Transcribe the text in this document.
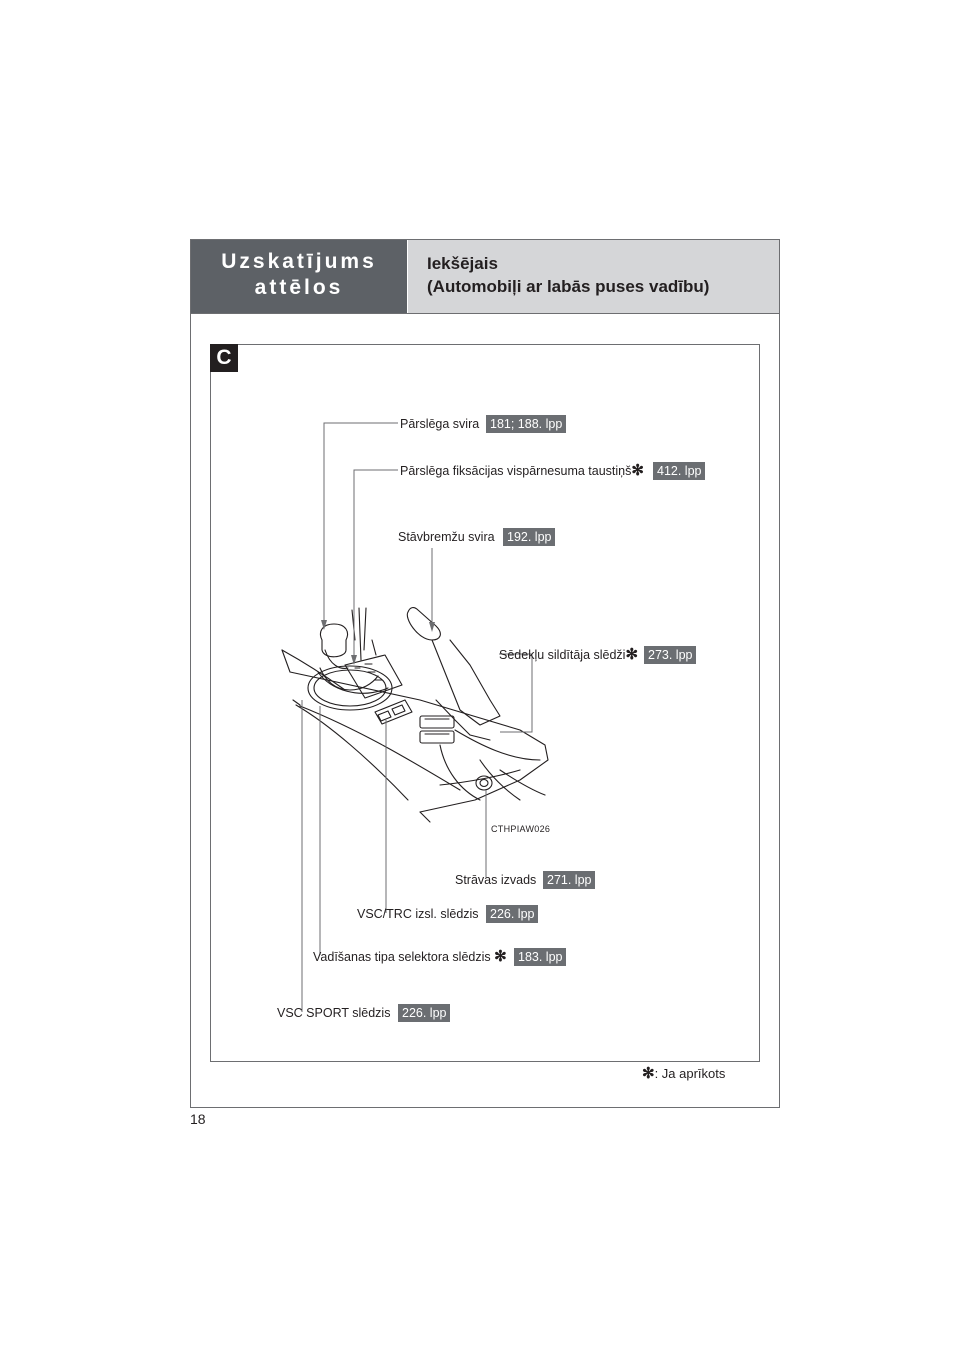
Uzskatījums
attēlos
Iekšējais
(Automobiļi ar labās puses vadību)
C
Pārslēga svira 181; 188. lpp
Pārslēga fiksācijas vispārnesuma taustiņš✻	412. lpp
Stāvbremžu svira 192. lpp
Sēdekļu sildītāja slēdži✻ 273. lpp
CTHPIAW026
Strāvas izvads 271. lpp
VSC/TRC izsl. slēdzis 226. lpp
Vadīšanas tipa selektora slēdzis ✻ 183. lpp
VSC SPORT slēdzis 226. lpp
✻: Ja aprīkots
18
